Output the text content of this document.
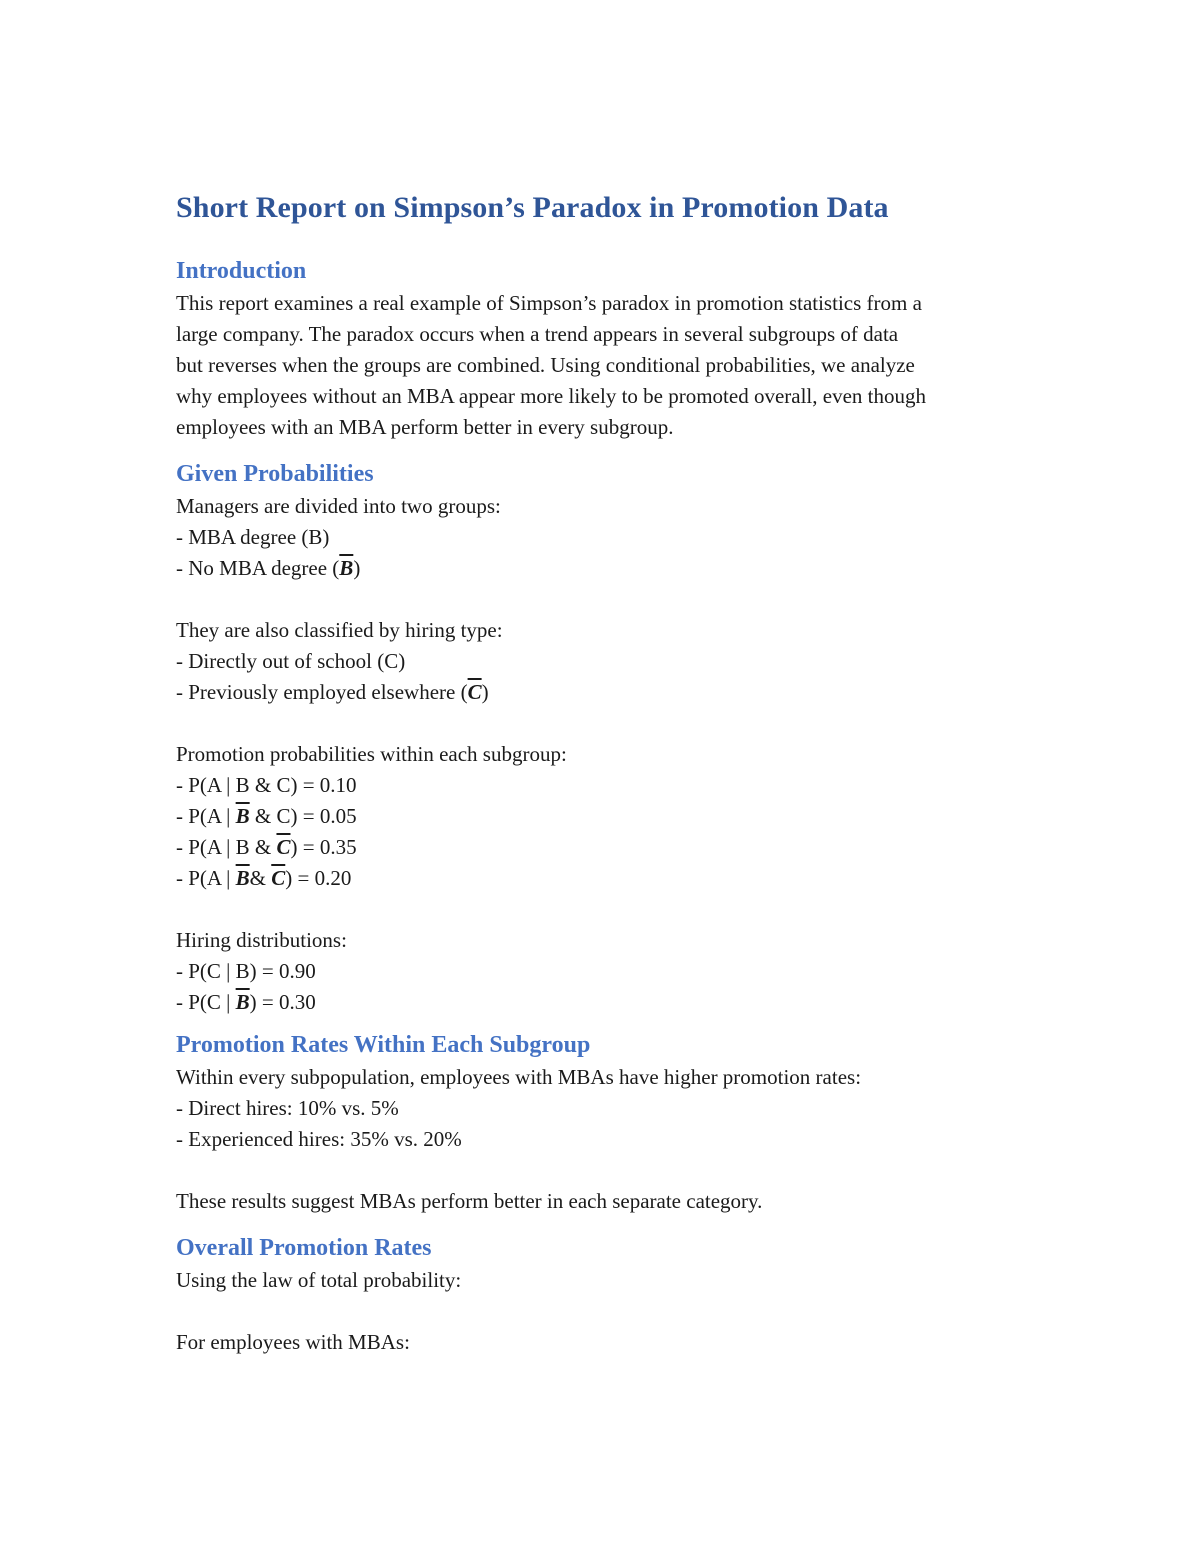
Short Report on Simpson’s Paradox in Promotion Data
Introduction

This report examines a real example of Simpson’s paradox in promotion statistics from a

large company. The paradox occurs when a trend appears in several subgroups of data

but reverses when the groups are combined. Using conditional probabilities, we analyze

why employees without an MBA appear more likely to be promoted overall, even though

employees with an MBA perform better in every subgroup.

Given Probabilities

Managers are divided into two groups:

- MBA degree (B)

- No MBA degree $(\overline{B})$

They are also classified by hiring type:

- Directly out of school (C)

- Previously employed elsewhere $(\overline{C})$

Promotion probabilities within each subgroup:

- P(A | B & C) = 0.10

- P(A | $\overline{B}$ & C) = 0.05

- P(A | B & $\overline{C}) = 0.35$

- P(A | $\overline{B}\&$ $\overline{C}) = 0.20$

Hiring distributions:

- P(C | B) = 0.90

- P(C | $\overline{B}) = 0.30$

Promotion Rates Within Each Subgroup

Within every subpopulation, employees with MBAs have higher promotion rates:

- Direct hires: 10% vs. 5%

- Experienced hires: 35% vs. 20%

These results suggest MBAs perform better in each separate category.

Overall Promotion Rates

Using the law of total probability:

For employees with MBAs:
